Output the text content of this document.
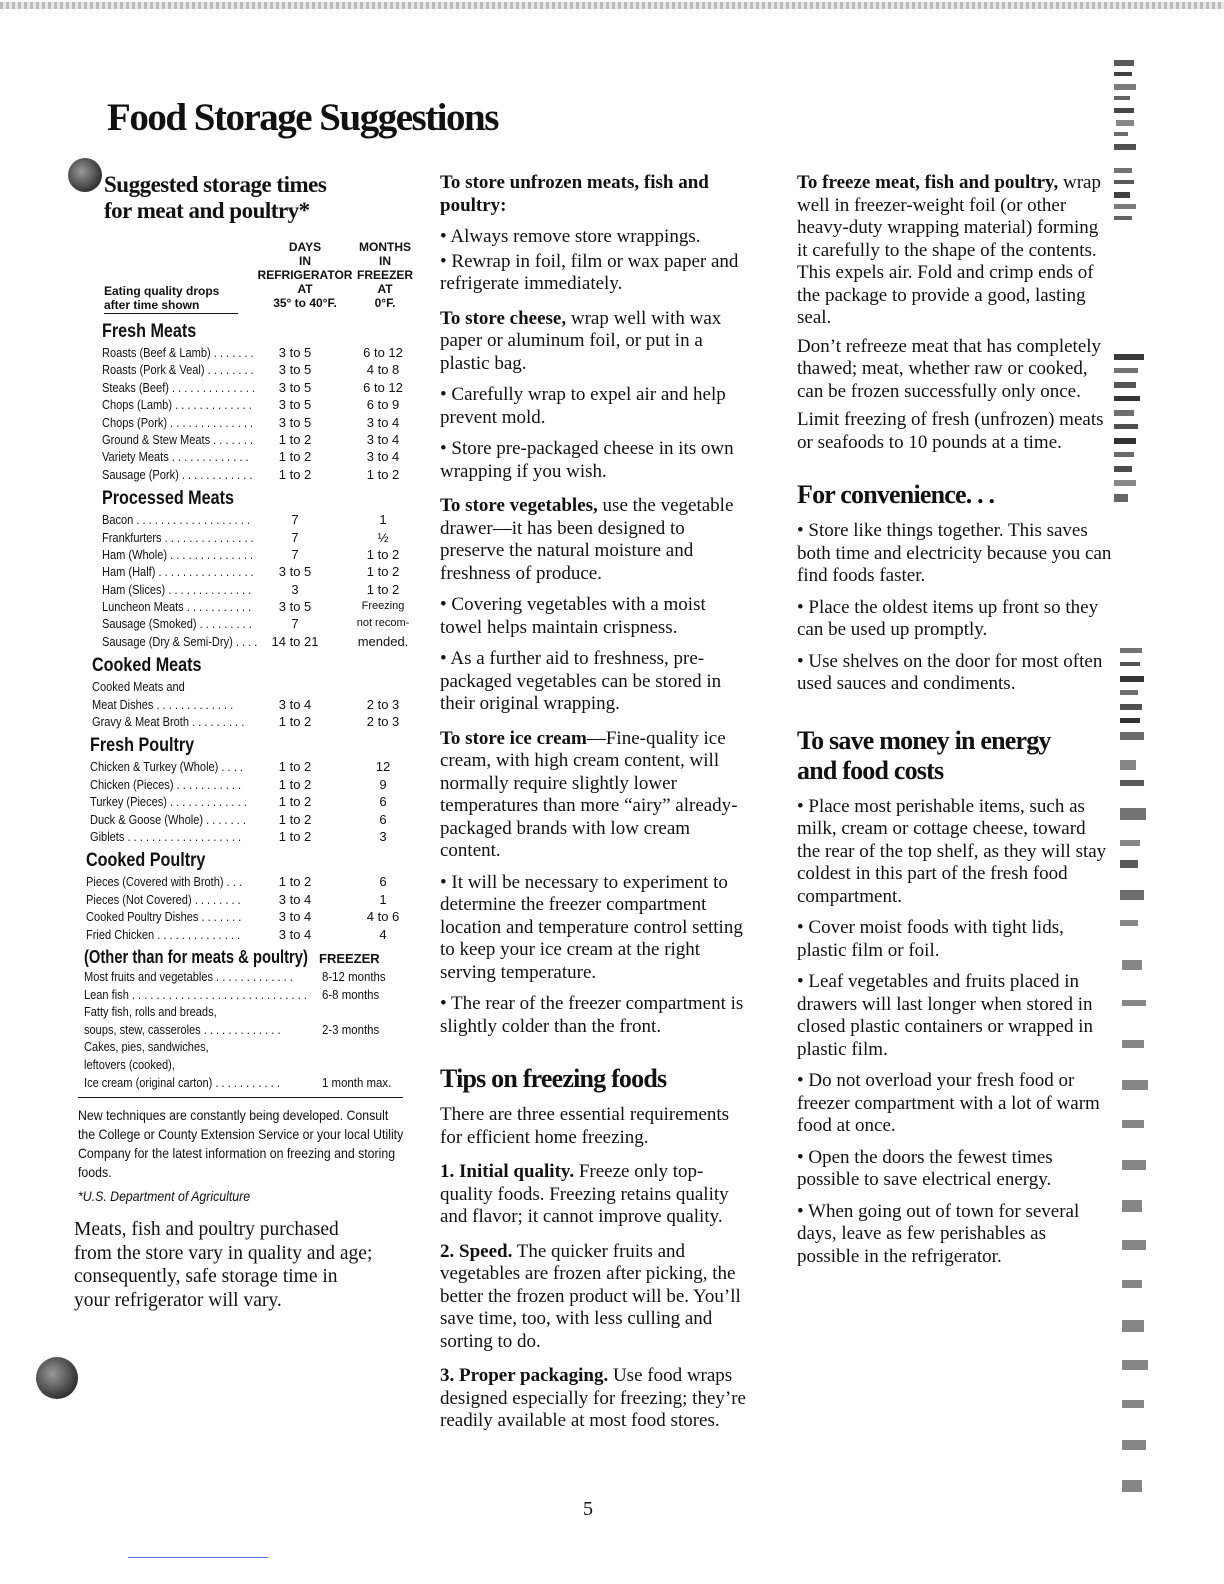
Food Storage Suggestions
Suggested storage times
for meat and poultry*
DAYS
IN
REFRIGERATOR
AT
35° to 40°F.
MONTHS
IN
FREEZER
AT
0°F.
Eating quality drops
after time shown
Fresh Meats
Roasts (Beef & Lamb) . . . . . . .	3 to 5	6 to 12
Roasts (Pork & Veal) . . . . . . . .	3 to 5	4 to 8
Steaks (Beef) . . . . . . . . . . . . . .	3 to 5	6 to 12
Chops (Lamb) . . . . . . . . . . . . .	3 to 5	6 to 9
Chops (Pork) . . . . . . . . . . . . . .	3 to 5	3 to 4
Ground & Stew Meats . . . . . . .	1 to 2	3 to 4
Variety Meats . . . . . . . . . . . . .	1 to 2	3 to 4
Sausage (Pork) . . . . . . . . . . . .	1 to 2	1 to 2
Processed Meats
Bacon . . . . . . . . . . . . . . . . . . .	7	1
Frankfurters . . . . . . . . . . . . . . .	7	½
Ham (Whole) . . . . . . . . . . . . . .	7	1 to 2
Ham (Half) . . . . . . . . . . . . . . . .	3 to 5	1 to 2
Ham (Slices) . . . . . . . . . . . . . .	3	1 to 2
Luncheon Meats . . . . . . . . . . .	3 to 5	Freezing
Sausage (Smoked) . . . . . . . . .	7	not recom-
Sausage (Dry & Semi-Dry) . . . .	14 to 21	mended.
Cooked Meats
Cooked Meats and
Meat Dishes . . . . . . . . . . . . .	3 to 4	2 to 3
Gravy & Meat Broth . . . . . . . . .	1 to 2	2 to 3
Fresh Poultry
Chicken & Turkey (Whole) . . . .	1 to 2	12
Chicken (Pieces) . . . . . . . . . . .	1 to 2	9
Turkey (Pieces) . . . . . . . . . . . . .	1 to 2	6
Duck & Goose (Whole) . . . . . . .	1 to 2	6
Giblets . . . . . . . . . . . . . . . . . . .	1 to 2	3
Cooked Poultry
Pieces (Covered with Broth) . . .	1 to 2	6
Pieces (Not Covered) . . . . . . . .	3 to 4	1
Cooked Poultry Dishes . . . . . . .	3 to 4	4 to 6
Fried Chicken . . . . . . . . . . . . . .	3 to 4	4
(Other than for meats & poultry) FREEZER
Most fruits and vegetables . . . . . . . . . . . . . 8-12 months
Lean fish . . . . . . . . . . . . . . . . . . . . . . . . . . . . . 6-8 months
Fatty fish, rolls and breads,
soups, stew, casseroles . . . . . . . . . . . . .	2-3 months
Cakes, pies, sandwiches,
leftovers (cooked),
Ice cream (original carton) . . . . . . . . . . .	1 month max.
New techniques are constantly being developed. Consult the College or County Extension Service or your local Utility Company for the latest information on freezing and storing foods.
*U.S. Department of Agriculture

Meats, fish and poultry purchased from the store vary in quality and age; consequently, safe storage time in your refrigerator will vary.

To store unfrozen meats, fish and poultry:

• Always remove store wrappings.

• Rewrap in foil, film or wax paper and refrigerate immediately.

To store cheese, wrap well with wax paper or aluminum foil, or put in a plastic bag.

• Carefully wrap to expel air and help prevent mold.

• Store pre-packaged cheese in its own wrapping if you wish.

To store vegetables, use the vegetable drawer—it has been designed to preserve the natural moisture and freshness of produce.

• Covering vegetables with a moist towel helps maintain crispness.

• As a further aid to freshness, pre-packaged vegetables can be stored in their original wrapping.

To store ice cream—Fine-quality ice cream, with high cream content, will normally require slightly lower temperatures than more “airy” already-packaged brands with low cream content.

• It will be necessary to experiment to determine the freezer compartment location and temperature control setting to keep your ice cream at the right serving temperature.

• The rear of the freezer compartment is slightly colder than the front.

Tips on freezing foods

There are three essential requirements for efficient home freezing.

1. Initial quality. Freeze only top-quality foods. Freezing retains quality and flavor; it cannot improve quality.

2. Speed. The quicker fruits and vegetables are frozen after picking, the better the frozen product will be. You’ll save time, too, with less culling and sorting to do.

3. Proper packaging. Use food wraps designed especially for freezing; they’re readily available at most food stores.

To freeze meat, fish and poultry, wrap well in freezer-weight foil (or other heavy-duty wrapping material) forming it carefully to the shape of the contents. This expels air. Fold and crimp ends of the package to provide a good, lasting seal.

Don’t refreeze meat that has completely thawed; meat, whether raw or cooked, can be frozen successfully only once.

Limit freezing of fresh (unfrozen) meats or seafoods to 10 pounds at a time.

For convenience. . .

• Store like things together. This saves both time and electricity because you can find foods faster.

• Place the oldest items up front so they can be used up promptly.

• Use shelves on the door for most often used sauces and condiments.

To save money in energy and food costs

• Place most perishable items, such as milk, cream or cottage cheese, toward the rear of the top shelf, as they will stay coldest in this part of the fresh food compartment.

• Cover moist foods with tight lids, plastic film or foil.

• Leaf vegetables and fruits placed in drawers will last longer when stored in closed plastic containers or wrapped in plastic film.

• Do not overload your fresh food or freezer compartment with a lot of warm food at once.

• Open the doors the fewest times possible to save electrical energy.

• When going out of town for several days, leave as few perishables as possible in the refrigerator.

5
